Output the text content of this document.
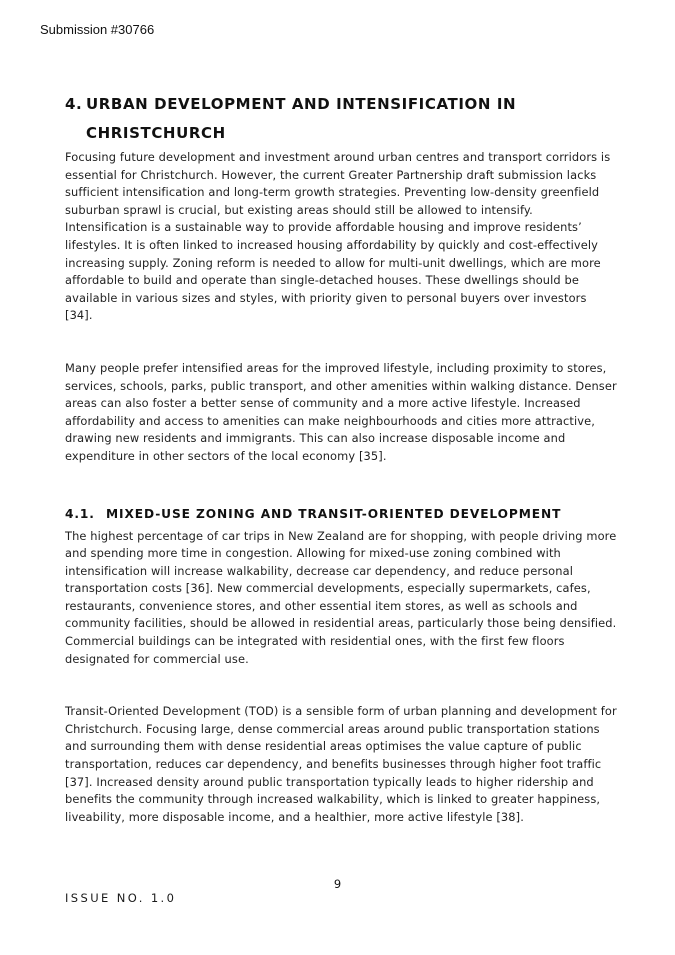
Submission #30766
4. URBAN DEVELOPMENT AND INTENSIFICATION IN
CHRISTCHURCH

Focusing future development and investment around urban centres and transport corridors is essential for Christchurch. However, the current Greater Partnership draft submission lacks sufficient intensification and long-term growth strategies. Preventing low-density greenfield suburban sprawl is crucial, but existing areas should still be allowed to intensify. Intensification is a sustainable way to provide affordable housing and improve residents’ lifestyles. It is often linked to increased housing affordability by quickly and cost-effectively increasing supply. Zoning reform is needed to allow for multi-unit dwellings, which are more affordable to build and operate than single-detached houses. These dwellings should be available in various sizes and styles, with priority given to personal buyers over investors [34].

Many people prefer intensified areas for the improved lifestyle, including proximity to stores, services, schools, parks, public transport, and other amenities within walking distance. Denser areas can also foster a better sense of community and a more active lifestyle. Increased affordability and access to amenities can make neighbourhoods and cities more attractive, drawing new residents and immigrants. This can also increase disposable income and expenditure in other sectors of the local economy [35].

4.1. MIXED-USE ZONING AND TRANSIT-ORIENTED DEVELOPMENT

The highest percentage of car trips in New Zealand are for shopping, with people driving more and spending more time in congestion. Allowing for mixed-use zoning combined with intensification will increase walkability, decrease car dependency, and reduce personal transportation costs [36]. New commercial developments, especially supermarkets, cafes, restaurants, convenience stores, and other essential item stores, as well as schools and community facilities, should be allowed in residential areas, particularly those being densified. Commercial buildings can be integrated with residential ones, with the first few floors designated for commercial use.

Transit-Oriented Development (TOD) is a sensible form of urban planning and development for Christchurch. Focusing large, dense commercial areas around public transportation stations and surrounding them with dense residential areas optimises the value capture of public transportation, reduces car dependency, and benefits businesses through higher foot traffic [37]. Increased density around public transportation typically leads to higher ridership and benefits the community through increased walkability, which is linked to greater happiness, liveability, more disposable income, and a healthier, more active lifestyle [38].

9
ISSUE NO. 1.0
